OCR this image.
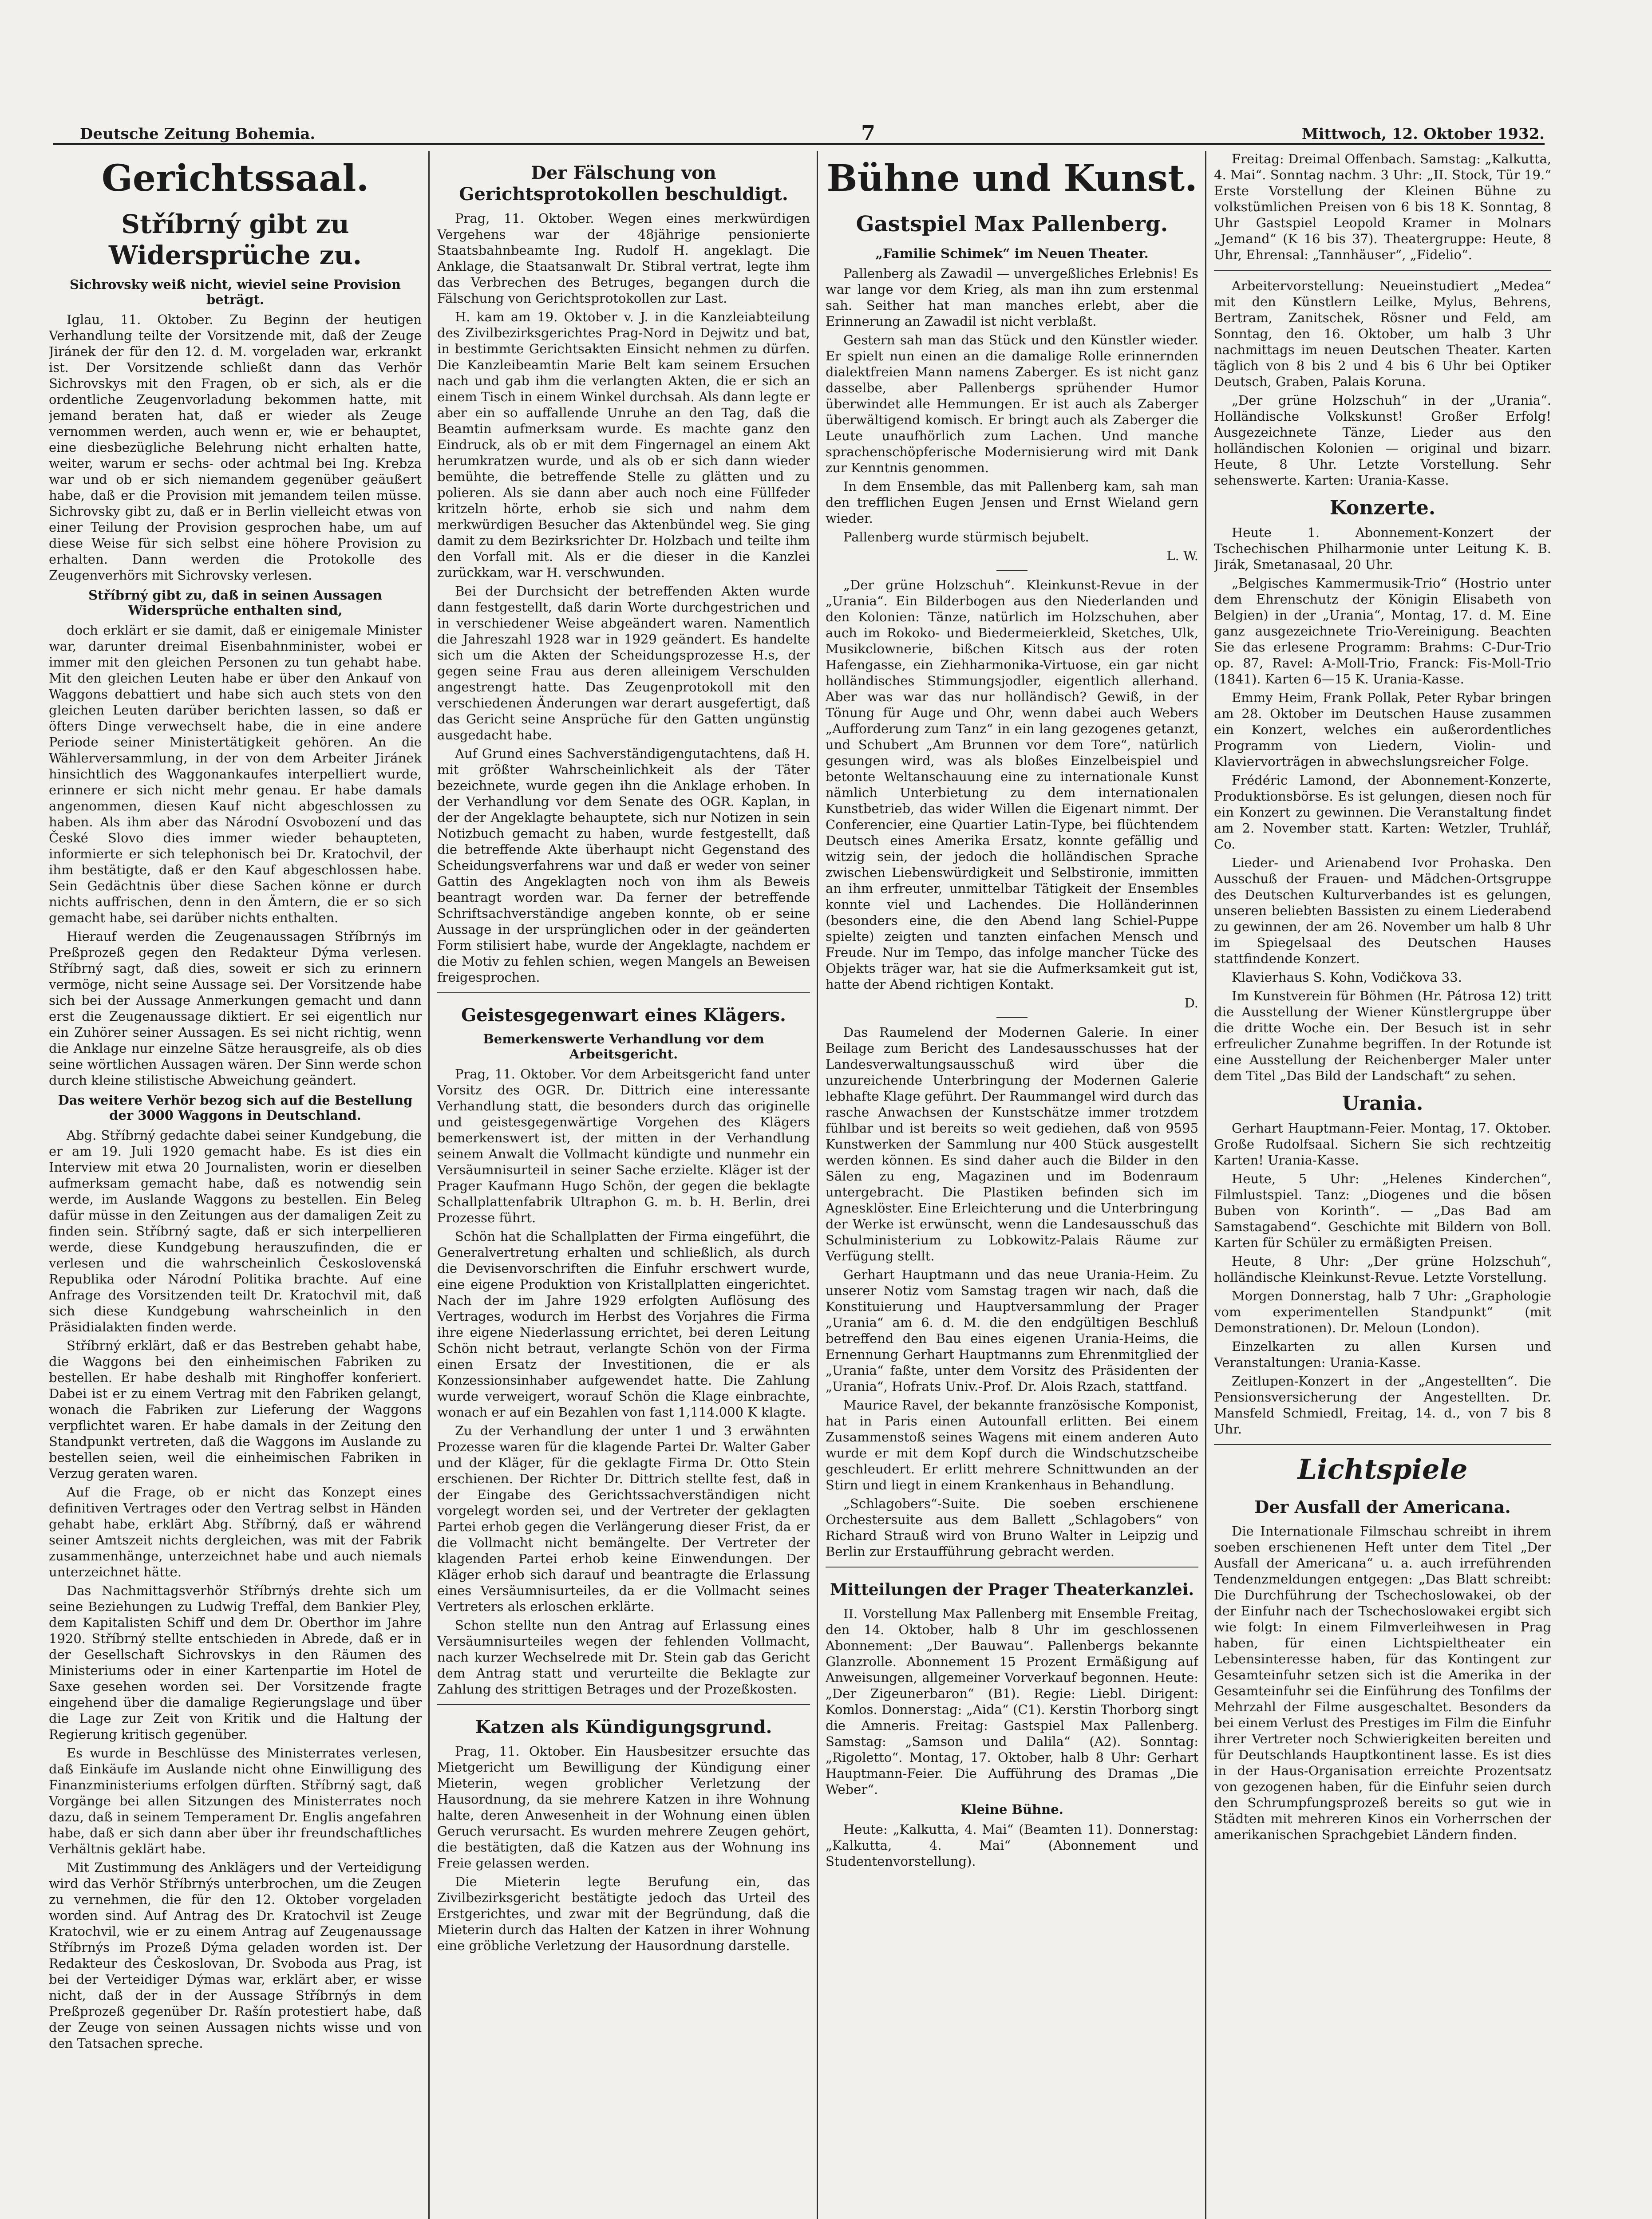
Deutsche Zeitung Bohemia.	7	Mittwoch, 12. Oktober 1932.
Gerichtssaal.
Stříbrný gibt zu Widersprüche zu.
Sichrovsky weiß nicht, wieviel seine Provision beträgt.

Iglau, 11. Oktober. Zu Beginn der heutigen Verhandlung teilte der Vorsitzende mit, daß der Zeuge Jiránek der für den 12. d. M. vorgeladen war, erkrankt ist. Der Vorsitzende schließt dann das Verhör Sichrovskys mit den Fragen, ob er sich, als er die ordentliche Zeugenvorladung bekommen hatte, mit jemand beraten hat, daß er wieder als Zeuge vernommen werden, auch wenn er, wie er behauptet, eine diesbezügliche Belehrung nicht erhalten hatte, weiter, warum er sechs- oder achtmal bei Ing. Krebza war und ob er sich niemandem gegenüber geäußert habe, daß er die Provision mit jemandem teilen müsse. Sichrovsky gibt zu, daß er in Berlin vielleicht etwas von einer Teilung der Provision gesprochen habe, um auf diese Weise für sich selbst eine höhere Provision zu erhalten. Dann werden die Protokolle des Zeugenverhörs mit Sichrovsky verlesen.

Stříbrný gibt zu, daß in seinen Aussagen Widersprüche enthalten sind,

doch erklärt er sie damit, daß er einigemale Minister war, darunter dreimal Eisenbahnminister, wobei er immer mit den gleichen Personen zu tun gehabt habe. Mit den gleichen Leuten habe er über den Ankauf von Waggons debattiert und habe sich auch stets von den gleichen Leuten darüber berichten lassen, so daß er öfters Dinge verwechselt habe, die in eine andere Periode seiner Ministertätigkeit gehören. An die Wählerversammlung, in der von dem Arbeiter Jiránek hinsichtlich des Waggonankaufes interpelliert wurde, erinnere er sich nicht mehr genau. Er habe damals angenommen, diesen Kauf nicht abgeschlossen zu haben. Als ihm aber das Národní Osvobození und das České Slovo dies immer wieder behaupteten, informierte er sich telephonisch bei Dr. Kratochvil, der ihm bestätigte, daß er den Kauf abgeschlossen habe. Sein Gedächtnis über diese Sachen könne er durch nichts auffrischen, denn in den Ämtern, die er so sich gemacht habe, sei darüber nichts enthalten.

Hierauf werden die Zeugenaussagen Stříbrnýs im Preßprozeß gegen den Redakteur Dýma verlesen. Stříbrný sagt, daß dies, soweit er sich zu erinnern vermöge, nicht seine Aussage sei. Der Vorsitzende habe sich bei der Aussage Anmerkungen gemacht und dann erst die Zeugenaussage diktiert. Er sei eigentlich nur ein Zuhörer seiner Aussagen. Es sei nicht richtig, wenn die Anklage nur einzelne Sätze herausgreife, als ob dies seine wörtlichen Aussagen wären. Der Sinn werde schon durch kleine stilistische Abweichung geändert.

Das weitere Verhör bezog sich auf die Bestellung der 3000 Waggons in Deutschland.

Abg. Stříbrný gedachte dabei seiner Kundgebung, die er am 19. Juli 1920 gemacht habe. Es ist dies ein Interview mit etwa 20 Journalisten, worin er dieselben aufmerksam gemacht habe, daß es notwendig sein werde, im Auslande Waggons zu bestellen. Ein Beleg dafür müsse in den Zeitungen aus der damaligen Zeit zu finden sein. Stříbrný sagte, daß er sich interpellieren werde, diese Kundgebung herauszufinden, die er verlesen und die wahrscheinlich Československá Republika oder Národní Politika brachte. Auf eine Anfrage des Vorsitzenden teilt Dr. Kratochvil mit, daß sich diese Kundgebung wahrscheinlich in den Präsidialakten finden werde.

Stříbrný erklärt, daß er das Bestreben gehabt habe, die Waggons bei den einheimischen Fabriken zu bestellen. Er habe deshalb mit Ringhoffer konferiert. Dabei ist er zu einem Vertrag mit den Fabriken gelangt, wonach die Fabriken zur Lieferung der Waggons verpflichtet waren. Er habe damals in der Zeitung den Standpunkt vertreten, daß die Waggons im Auslande zu bestellen seien, weil die einheimischen Fabriken in Verzug geraten waren.

Auf die Frage, ob er nicht das Konzept eines definitiven Vertrages oder den Vertrag selbst in Händen gehabt habe, erklärt Abg. Stříbrný, daß er während seiner Amtszeit nichts dergleichen, was mit der Fabrik zusammenhänge, unterzeichnet habe und auch niemals unterzeichnet hätte.

Das Nachmittagsverhör Stříbrnýs drehte sich um seine Beziehungen zu Ludwig Treffal, dem Bankier Pley, dem Kapitalisten Schiff und dem Dr. Oberthor im Jahre 1920. Stříbrný stellte entschieden in Abrede, daß er in der Gesellschaft Sichrovskys in den Räumen des Ministeriums oder in einer Kartenpartie im Hotel de Saxe gesehen worden sei. Der Vorsitzende fragte eingehend über die damalige Regierungslage und über die Lage zur Zeit von Kritik und die Haltung der Regierung kritisch gegenüber.

Es wurde in Beschlüsse des Ministerrates verlesen, daß Einkäufe im Auslande nicht ohne Einwilligung des Finanzministeriums erfolgen dürften. Stříbrný sagt, daß Vorgänge bei allen Sitzungen des Ministerrates noch dazu, daß in seinem Temperament Dr. Englis angefahren habe, daß er sich dann aber über ihr freundschaftliches Verhältnis geklärt habe.

Mit Zustimmung des Anklägers und der Verteidigung wird das Verhör Stříbrnýs unterbrochen, um die Zeugen zu vernehmen, die für den 12. Oktober vorgeladen worden sind. Auf Antrag des Dr. Kratochvil ist Zeuge Kratochvil, wie er zu einem Antrag auf Zeugenaussage Stříbrnýs im Prozeß Dýma geladen worden ist. Der Redakteur des Českoslovan, Dr. Svoboda aus Prag, ist bei der Verteidiger Dýmas war, erklärt aber, er wisse nicht, daß der in der Aussage Stříbrnýs in dem Preßprozeß gegenüber Dr. Rašín protestiert habe, daß der Zeuge von seinen Aussagen nichts wisse und von den Tatsachen spreche.

Der Fälschung von Gerichtsprotokollen beschuldigt.

Prag, 11. Oktober. Wegen eines merkwürdigen Vergehens war der 48jährige pensionierte Staatsbahnbeamte Ing. Rudolf H. angeklagt. Die Anklage, die Staatsanwalt Dr. Stibral vertrat, legte ihm das Verbrechen des Betruges, begangen durch die Fälschung von Gerichtsprotokollen zur Last.

H. kam am 19. Oktober v. J. in die Kanzleiabteilung des Zivilbezirksgerichtes Prag-Nord in Dejwitz und bat, in bestimmte Gerichtsakten Einsicht nehmen zu dürfen. Die Kanzleibeamtin Marie Belt kam seinem Ersuchen nach und gab ihm die verlangten Akten, die er sich an einem Tisch in einem Winkel durchsah. Als dann legte er aber ein so auffallende Unruhe an den Tag, daß die Beamtin aufmerksam wurde. Es machte ganz den Eindruck, als ob er mit dem Fingernagel an einem Akt herumkratzen wurde, und als ob er sich dann wieder bemühte, die betreffende Stelle zu glätten und zu polieren. Als sie dann aber auch noch eine Füllfeder kritzeln hörte, erhob sie sich und nahm dem merkwürdigen Besucher das Aktenbündel weg. Sie ging damit zu dem Bezirksrichter Dr. Holzbach und teilte ihm den Vorfall mit. Als er die dieser in die Kanzlei zurückkam, war H. verschwunden.

Bei der Durchsicht der betreffenden Akten wurde dann festgestellt, daß darin Worte durchgestrichen und in verschiedener Weise abgeändert waren. Namentlich die Jahreszahl 1928 war in 1929 geändert. Es handelte sich um die Akten der Scheidungsprozesse H.s, der gegen seine Frau aus deren alleinigem Verschulden angestrengt hatte. Das Zeugenprotokoll mit den verschiedenen Änderungen war derart ausgefertigt, daß das Gericht seine Ansprüche für den Gatten ungünstig ausgedacht habe.

Auf Grund eines Sachverständigengutachtens, daß H. mit größter Wahrscheinlichkeit als der Täter bezeichnete, wurde gegen ihn die Anklage erhoben. In der Verhandlung vor dem Senate des OGR. Kaplan, in der der Angeklagte behauptete, sich nur Notizen in sein Notizbuch gemacht zu haben, wurde festgestellt, daß die betreffende Akte überhaupt nicht Gegenstand des Scheidungsverfahrens war und daß er weder von seiner Gattin des Angeklagten noch von ihm als Beweis beantragt worden war. Da ferner der betreffende Schriftsachverständige angeben konnte, ob er seine Aussage in der ursprünglichen oder in der geänderten Form stilisiert habe, wurde der Angeklagte, nachdem er die Motiv zu fehlen schien, wegen Mangels an Beweisen freigesprochen.

Geistesgegenwart eines Klägers.
Bemerkenswerte Verhandlung vor dem Arbeitsgericht.

Prag, 11. Oktober. Vor dem Arbeitsgericht fand unter Vorsitz des OGR. Dr. Dittrich eine interessante Verhandlung statt, die besonders durch das originelle und geistesgegenwärtige Vorgehen des Klägers bemerkenswert ist, der mitten in der Verhandlung seinem Anwalt die Vollmacht kündigte und nunmehr ein Versäumnisurteil in seiner Sache erzielte. Kläger ist der Prager Kaufmann Hugo Schön, der gegen die beklagte Schallplattenfabrik Ultraphon G. m. b. H. Berlin, drei Prozesse führt.

Schön hat die Schallplatten der Firma eingeführt, die Generalvertretung erhalten und schließlich, als durch die Devisenvorschriften die Einfuhr erschwert wurde, eine eigene Produktion von Kristallplatten eingerichtet. Nach der im Jahre 1929 erfolgten Auflösung des Vertrages, wodurch im Herbst des Vorjahres die Firma ihre eigene Niederlassung errichtet, bei deren Leitung Schön nicht betraut, verlangte Schön von der Firma einen Ersatz der Investitionen, die er als Konzessionsinhaber aufgewendet hatte. Die Zahlung wurde verweigert, worauf Schön die Klage einbrachte, wonach er auf ein Bezahlen von fast 1,114.000 K klagte.

Zu der Verhandlung der unter 1 und 3 erwähnten Prozesse waren für die klagende Partei Dr. Walter Gaber und der Kläger, für die geklagte Firma Dr. Otto Stein erschienen. Der Richter Dr. Dittrich stellte fest, daß in der Eingabe des Gerichtssachverständigen nicht vorgelegt worden sei, und der Vertreter der geklagten Partei erhob gegen die Verlängerung dieser Frist, da er die Vollmacht nicht bemängelte. Der Vertreter der klagenden Partei erhob keine Einwendungen. Der Kläger erhob sich darauf und beantragte die Erlassung eines Versäumnisurteiles, da er die Vollmacht seines Vertreters als erloschen erklärte.

Schon stellte nun den Antrag auf Erlassung eines Versäumnisurteiles wegen der fehlenden Vollmacht, nach kurzer Wechselrede mit Dr. Stein gab das Gericht dem Antrag statt und verurteilte die Beklagte zur Zahlung des strittigen Betrages und der Prozeßkosten.

Katzen als Kündigungsgrund.

Prag, 11. Oktober. Ein Hausbesitzer ersuchte das Mietgericht um Bewilligung der Kündigung einer Mieterin, wegen groblicher Verletzung der Hausordnung, da sie mehrere Katzen in ihre Wohnung halte, deren Anwesenheit in der Wohnung einen üblen Geruch verursacht. Es wurden mehrere Zeugen gehört, die bestätigten, daß die Katzen aus der Wohnung ins Freie gelassen werden.

Die Mieterin legte Berufung ein, das Zivilbezirksgericht bestätigte jedoch das Urteil des Erstgerichtes, und zwar mit der Begründung, daß die Mieterin durch das Halten der Katzen in ihrer Wohnung eine gröbliche Verletzung der Hausordnung darstelle.

Bühne und Kunst.
Gastspiel Max Pallenberg.
„Familie Schimek“ im Neuen Theater.

Pallenberg als Zawadil — unvergeßliches Erlebnis! Es war lange vor dem Krieg, als man ihn zum erstenmal sah. Seither hat man manches erlebt, aber die Erinnerung an Zawadil ist nicht verblaßt.

Gestern sah man das Stück und den Künstler wieder. Er spielt nun einen an die damalige Rolle erinnernden dialektfreien Mann namens Zaberger. Es ist nicht ganz dasselbe, aber Pallenbergs sprühender Humor überwindet alle Hemmungen. Er ist auch als Zaberger überwältigend komisch. Er bringt auch als Zaberger die Leute unaufhörlich zum Lachen. Und manche sprachenschöpferische Modernisierung wird mit Dank zur Kenntnis genommen.

In dem Ensemble, das mit Pallenberg kam, sah man den trefflichen Eugen Jensen und Ernst Wieland gern wieder.

Pallenberg wurde stürmisch bejubelt.

L. W.

„Der grüne Holzschuh“. Kleinkunst-Revue in der „Urania“. Ein Bilderbogen aus den Niederlanden und den Kolonien: Tänze, natürlich im Holzschuhen, aber auch im Rokoko- und Biedermeierkleid, Sketches, Ulk, Musikclownerie, bißchen Kitsch aus der roten Hafengasse, ein Ziehharmonika-Virtuose, ein gar nicht holländisches Stimmungsjodler, eigentlich allerhand. Aber was war das nur holländisch? Gewiß, in der Tönung für Auge und Ohr, wenn dabei auch Webers „Aufforderung zum Tanz“ in ein lang gezogenes getanzt, und Schubert „Am Brunnen vor dem Tore“, natürlich gesungen wird, was als bloßes Einzelbeispiel und betonte Weltanschauung eine zu internationale Kunst nämlich Unterbietung zu dem internationalen Kunstbetrieb, das wider Willen die Eigenart nimmt. Der Conferencier, eine Quartier Latin-Type, bei flüchtendem Deutsch eines Amerika Ersatz, konnte gefällig und witzig sein, der jedoch die holländischen Sprache zwischen Liebenswürdigkeit und Selbstironie, immitten an ihm erfreuter, unmittelbar Tätigkeit der Ensembles konnte viel und Lachendes. Die Holländerinnen (besonders eine, die den Abend lang Schiel-Puppe spielte) zeigten und tanzten einfachen Mensch und Freude. Nur im Tempo, das infolge mancher Tücke des Objekts träger war, hat sie die Aufmerksamkeit gut ist, hatte der Abend richtigen Kontakt.

D.

Das Raumelend der Modernen Galerie. In einer Beilage zum Bericht des Landesausschusses hat der Landesverwaltungsausschuß wird über die unzureichende Unterbringung der Modernen Galerie lebhafte Klage geführt. Der Raummangel wird durch das rasche Anwachsen der Kunstschätze immer trotzdem fühlbar und ist bereits so weit gediehen, daß von 9595 Kunstwerken der Sammlung nur 400 Stück ausgestellt werden können. Es sind daher auch die Bilder in den Sälen zu eng, Magazinen und im Bodenraum untergebracht. Die Plastiken befinden sich im Agnesklöster. Eine Erleichterung und die Unterbringung der Werke ist erwünscht, wenn die Landesausschuß das Schulministerium zu Lobkowitz-Palais Räume zur Verfügung stellt.

Gerhart Hauptmann und das neue Urania-Heim. Zu unserer Notiz vom Samstag tragen wir nach, daß die Konstituierung und Hauptversammlung der Prager „Urania“ am 6. d. M. die den endgültigen Beschluß betreffend den Bau eines eigenen Urania-Heims, die Ernennung Gerhart Hauptmanns zum Ehrenmitglied der „Urania“ faßte, unter dem Vorsitz des Präsidenten der „Urania“, Hofrats Univ.-Prof. Dr. Alois Rzach, stattfand.

Maurice Ravel, der bekannte französische Komponist, hat in Paris einen Autounfall erlitten. Bei einem Zusammenstoß seines Wagens mit einem anderen Auto wurde er mit dem Kopf durch die Windschutzscheibe geschleudert. Er erlitt mehrere Schnittwunden an der Stirn und liegt in einem Krankenhaus in Behandlung.

„Schlagobers“-Suite. Die soeben erschienene Orchestersuite aus dem Ballett „Schlagobers“ von Richard Strauß wird von Bruno Walter in Leipzig und Berlin zur Erstaufführung gebracht werden.

Mitteilungen der Prager Theaterkanzlei.

II. Vorstellung Max Pallenberg mit Ensemble Freitag, den 14. Oktober, halb 8 Uhr im geschlossenen Abonnement: „Der Bauwau“. Pallenbergs bekannte Glanzrolle. Abonnement 15 Prozent Ermäßigung auf Anweisungen, allgemeiner Vorverkauf begonnen. Heute: „Der Zigeunerbaron“ (B1). Regie: Liebl. Dirigent: Komlos. Donnerstag: „Aida“ (C1). Kerstin Thorborg singt die Amneris. Freitag: Gastspiel Max Pallenberg. Samstag: „Samson und Dalila“ (A2). Sonntag: „Rigoletto“. Montag, 17. Oktober, halb 8 Uhr: Gerhart Hauptmann-Feier. Die Aufführung des Dramas „Die Weber“.

Kleine Bühne.

Heute: „Kalkutta, 4. Mai“ (Beamten 11). Donnerstag: „Kalkutta, 4. Mai“ (Abonnement und Studentenvorstellung).

Freitag: Dreimal Offenbach. Samstag: „Kalkutta, 4. Mai“. Sonntag nachm. 3 Uhr: „II. Stock, Tür 19.“ Erste Vorstellung der Kleinen Bühne zu volkstümlichen Preisen von 6 bis 18 K. Sonntag, 8 Uhr Gastspiel Leopold Kramer in Molnars „Jemand“ (K 16 bis 37). Theatergruppe: Heute, 8 Uhr, Ehrensal: „Tannhäuser“, „Fidelio“.

Arbeitervorstellung: Neueinstudiert „Medea“ mit den Künstlern Leilke, Mylus, Behrens, Bertram, Zanitschek, Rösner und Feld, am Sonntag, den 16. Oktober, um halb 3 Uhr nachmittags im neuen Deutschen Theater. Karten täglich von 8 bis 2 und 4 bis 6 Uhr bei Optiker Deutsch, Graben, Palais Koruna.

„Der grüne Holzschuh“ in der „Urania“. Holländische Volkskunst! Großer Erfolg! Ausgezeichnete Tänze, Lieder aus den holländischen Kolonien — original und bizarr. Heute, 8 Uhr. Letzte Vorstellung. Sehr sehenswerte. Karten: Urania-Kasse.

Konzerte.

Heute 1. Abonnement-Konzert der Tschechischen Philharmonie unter Leitung K. B. Jirák, Smetanasaal, 20 Uhr.

„Belgisches Kammermusik-Trio“ (Hostrio unter dem Ehrenschutz der Königin Elisabeth von Belgien) in der „Urania“, Montag, 17. d. M. Eine ganz ausgezeichnete Trio-Vereinigung. Beachten Sie das erlesene Programm: Brahms: C-Dur-Trio op. 87, Ravel: A-Moll-Trio, Franck: Fis-Moll-Trio (1841). Karten 6—15 K. Urania-Kasse.

Emmy Heim, Frank Pollak, Peter Rybar bringen am 28. Oktober im Deutschen Hause zusammen ein Konzert, welches ein außerordentliches Programm von Liedern, Violin- und Klaviervorträgen in abwechslungsreicher Folge.

Frédéric Lamond, der Abonnement-Konzerte, Produktionsbörse. Es ist gelungen, diesen noch für ein Konzert zu gewinnen. Die Veranstaltung findet am 2. November statt. Karten: Wetzler, Truhlář, Co.

Lieder- und Arienabend Ivor Prohaska. Den Ausschuß der Frauen- und Mädchen-Ortsgruppe des Deutschen Kulturverbandes ist es gelungen, unseren beliebten Bassisten zu einem Liederabend zu gewinnen, der am 26. November um halb 8 Uhr im Spiegelsaal des Deutschen Hauses stattfindende Konzert.

Klavierhaus S. Kohn, Vodičkova 33.

Im Kunstverein für Böhmen (Hr. Pátrosa 12) tritt die Ausstellung der Wiener Künstlergruppe über die dritte Woche ein. Der Besuch ist in sehr erfreulicher Zunahme begriffen. In der Rotunde ist eine Ausstellung der Reichenberger Maler unter dem Titel „Das Bild der Landschaft“ zu sehen.

Urania.

Gerhart Hauptmann-Feier. Montag, 17. Oktober. Große Rudolfsaal. Sichern Sie sich rechtzeitig Karten! Urania-Kasse.

Heute, 5 Uhr: „Helenes Kinderchen“, Filmlustspiel. Tanz: „Diogenes und die bösen Buben von Korinth“. — „Das Bad am Samstagabend“. Geschichte mit Bildern von Boll. Karten für Schüler zu ermäßigten Preisen.

Heute, 8 Uhr: „Der grüne Holzschuh“, holländische Kleinkunst-Revue. Letzte Vorstellung.

Morgen Donnerstag, halb 7 Uhr: „Graphologie vom experimentellen Standpunkt“ (mit Demonstrationen). Dr. Meloun (London).

Einzelkarten zu allen Kursen und Veranstaltungen: Urania-Kasse.

Zeitlupen-Konzert in der „Angestellten“. Die Pensionsversicherung der Angestellten. Dr. Mansfeld Schmiedl, Freitag, 14. d., von 7 bis 8 Uhr.

Lichtspiele
Der Ausfall der Americana.

Die Internationale Filmschau schreibt in ihrem soeben erschienenen Heft unter dem Titel „Der Ausfall der Americana“ u. a. auch irreführenden Tendenzmeldungen entgegen: „Das Blatt schreibt: Die Durchführung der Tschechoslowakei, ob der der Einfuhr nach der Tschechoslowakei ergibt sich wie folgt: In einem Filmverleihwesen in Prag haben, für einen Lichtspieltheater ein Lebensinteresse haben, für das Kontingent zur Gesamteinfuhr setzen sich ist die Amerika in der Gesamteinfuhr sei die Einführung des Tonfilms der Mehrzahl der Filme ausgeschaltet. Besonders da bei einem Verlust des Prestiges im Film die Einfuhr ihrer Vertreter noch Schwierigkeiten bereiten und für Deutschlands Hauptkontinent lasse. Es ist dies in der Haus-Organisation erreichte Prozentsatz von gezogenen haben, für die Einfuhr seien durch den Schrumpfungsprozeß bereits so gut wie in Städten mit mehreren Kinos ein Vorherrschen der amerikanischen Sprachgebiet Ländern finden.
